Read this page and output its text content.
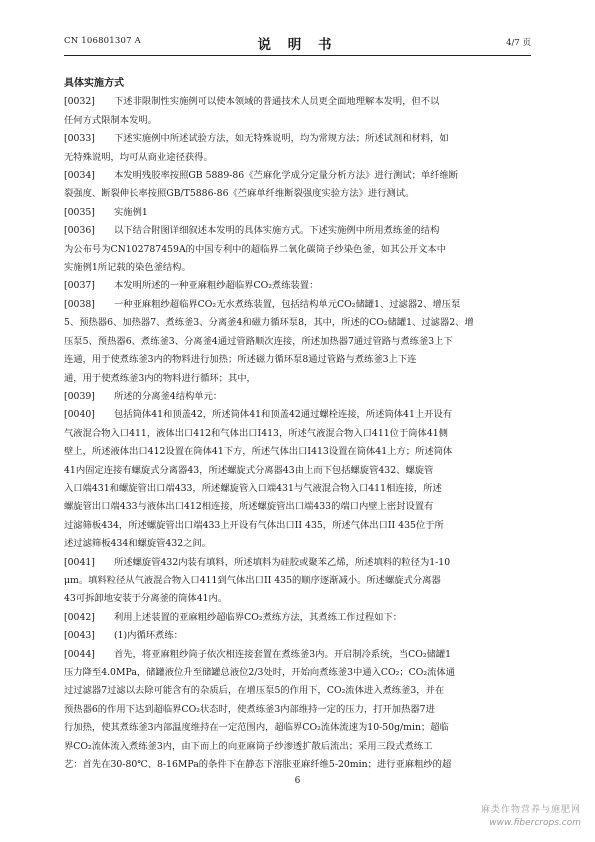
CN 106801307 A	说 明 书	4/7 页
具体实施方式
[0032]	下述非限制性实施例可以使本领域的普通技术人员更全面地理解本发明，但不以
任何方式限制本发明。
[0033]	下述实施例中所述试验方法，如无特殊说明，均为常规方法；所述试剂和材料，如
无特殊说明，均可从商业途径获得。
[0034]	本发明残胶率按照GB 5889-86《苎麻化学成分定量分析方法》进行测试；单纤维断
裂强度、断裂伸长率按照GB/T5886-86《苎麻单纤维断裂强度实验方法》进行测试。
[0035]	实施例1
[0036]	以下结合附图详细叙述本发明的具体实施方式。下述实施例中所用煮练釜的结构
为公布号为CN102787459A的中国专利中的超临界二氧化碳筒子纱染色釜，如其公开文本中
实施例1所记载的染色釜结构。
[0037]	本发明所述的一种亚麻粗纱超临界CO₂煮练装置：
[0038]	一种亚麻粗纱超临界CO₂无水煮练装置，包括结构单元CO₂储罐1、过滤器2、增压泵
5、预热器6、加热器7、煮练釜3、分离釜4和磁力循环泵8，其中，所述的CO₂储罐1、过滤器2、增
压泵5、预热器6、煮练釜3、分离釜4通过管路顺次连接，所述加热器7通过管路与煮练釜3上下
连通，用于使煮练釜3内的物料进行加热；所述磁力循环泵8通过管路与煮练釜3上下连
通，用于使煮练釜3内的物料进行循环；其中，
[0039]	所述的分离釜4结构单元：
[0040]	包括筒体41和顶盖42，所述筒体41和顶盖42通过螺栓连接，所述筒体41上开设有
气液混合物入口411，液体出口412和气体出口I413，所述气液混合物入口411位于筒体41侧
壁上，所述液体出口412设置在筒体41下方，所述气体出口I413设置在筒体41上方；所述筒体
41内固定连接有螺旋式分离器43，所述螺旋式分离器43由上而下包括螺旋管432、螺旋管
入口端431和螺旋管出口端433，所述螺旋管入口端431与气液混合物入口411相连接，所述
螺旋管出口端433与液体出口412相连接，所述螺旋管出口端433的端口内壁上密封设置有
过滤筛板434，所述螺旋管出口端433上开设有气体出口II 435，所述气体出口II 435位于所
述过滤筛板434和螺旋管432之间。
[0041]	所述螺旋管432内装有填料，所述填料为硅胶或聚苯乙烯，所述填料的粒径为1-10
μm。填料粒径从气液混合物入口411到气体出口II 435的顺序逐渐减小。所述螺旋式分离器
43可拆卸地安装于分离釜的筒体41内。
[0042]	利用上述装置的亚麻粗纱超临界CO₂煮练方法，其煮练工作过程如下：
[0043]	(1)内循环煮练：
[0044]	首先，将亚麻粗纱筒子依次相连接套置在煮练釜3内。开启制冷系统，当CO₂储罐1
压力降至4.0MPa，储罐液位升至储罐总液位2/3处时，开始向煮练釜3中通入CO₂；CO₂流体通
过过滤器7过滤以去除可能含有的杂质后，在增压泵5的作用下，CO₂流体进入煮练釜3，并在
预热器6的作用下达到超临界CO₂状态时，使煮练釜3内部维持一定的压力，打开加热器7进
行加热，使其煮练釜3内部温度维持在一定范围内，超临界CO₂流体流速为10-50g/min；超临
界CO₂流体流入煮练釜3内，由下而上的向亚麻筒子纱渗透扩散后流出；采用三段式煮练工
艺：首先在30-80℃、8-16MPa的条件下在静态下溶胀亚麻纤维5-20min；进行亚麻粗纱的超
6
麻类作物营养与施肥网
www.fibercrops.com
